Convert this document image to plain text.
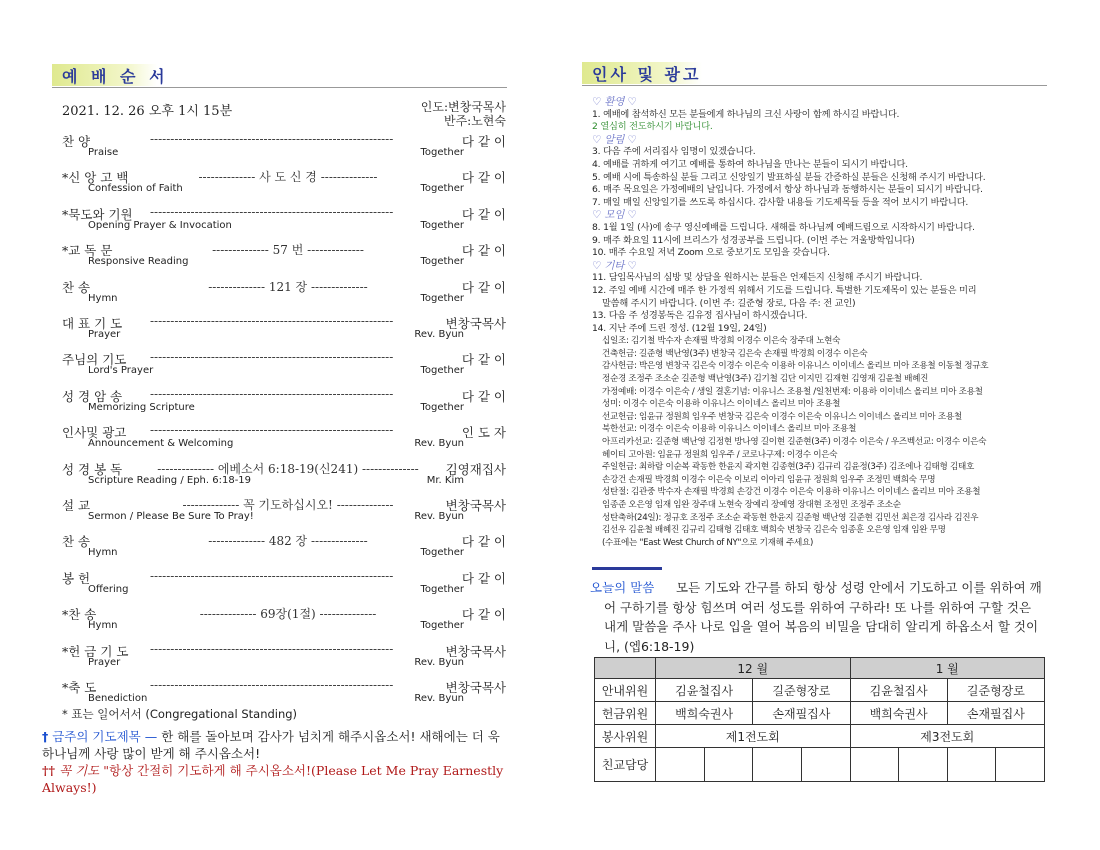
예 배 순 서
2021. 12. 26 오후 1시 15분	인도:변창국목사
반주:노현숙
찬 양	다 같 이
------------------------------------------------------------
Praise	Together
*신 앙 고 백	다 같 이
-------------- 사 도 신 경 --------------
Confession of Faith	Together
*묵도와 기원	다 같 이
------------------------------------------------------------
Opening Prayer & Invocation	Together
*교 독 문	다 같 이
-------------- 57 번 --------------
Responsive Reading	Together
찬 송	다 같 이
-------------- 121 장 --------------
Hymn	Together
대 표 기 도	변창국목사
------------------------------------------------------------
Prayer	Rev. Byun
주님의 기도	다 같 이
------------------------------------------------------------
Lord's Prayer	Together
성 경 암 송	다 같 이
------------------------------------------------------------
Memorizing Scripture	Together
인사및 광고	인 도 자
------------------------------------------------------------
Announcement & Welcoming	Rev. Byun
성 경 봉 독	김영재집사
-------------- 에베소서 6:18-19(신241) --------------
Scripture Reading / Eph. 6:18-19	Mr. Kim
설 교	변창국목사
-------------- 꼭 기도하십시오! --------------
Sermon / Please Be Sure To Pray!	Rev. Byun
찬 송	다 같 이
-------------- 482 장 --------------
Hymn	Together
봉 헌	다 같 이
------------------------------------------------------------
Offering	Together
*찬 송	다 같 이
-------------- 69장(1절) --------------
Hymn	Together
*헌 금 기 도	변창국목사
------------------------------------------------------------
Prayer	Rev. Byun
*축 도	변창국목사
------------------------------------------------------------
Benediction	Rev. Byun
* 표는 일어서서 (Congregational Standing)
† 금주의 기도제목 — 한 해를 돌아보며 감사가 넘치게 해주시옵소서! 새해에는 더 욱 하나님께 사랑 많이 받게 해 주시옵소서!
†† 꼭 기도 "항상 간절히 기도하게 해 주시옵소서!(Please Let Me Pray Earnestly Always!)
인사 및 광고
♡ 환영 ♡
1. 예배에 참석하신 모든 분들에게 하나님의 크신 사랑이 함께 하시길 바랍니다.
2 열심히 전도하시기 바랍니다.
♡ 알림 ♡
3. 다음 주에 서리집사 임명이 있겠습니다.
4. 예배를 귀하게 여기고 예배를 통하여 하나님을 만나는 분들이 되시기 바랍니다.
5. 예배 시에 특송하실 분들 그리고 신앙일기 발표하실 분들 간증하실 분들은 신청해 주시기 바랍니다.
6. 매주 목요일은 가정예배의 날입니다. 가정에서 항상 하나님과 동행하시는 분들이 되시기 바랍니다.
7. 매일 매일 신앙일기를 쓰도록 하십시다. 감사할 내용들 기도제목들 등을 적어 보시기 바랍니다.
♡ 모임 ♡
8. 1월 1일 (사)에 송구 영신예배를 드립니다. 새해를 하나님께 예배드림으로 시작하시기 바랍니다.
9. 매주 화요일 11시에 브리스가 성경공부를 드립니다. (이번 주는 겨울방학입니다)
10. 매주 수요일 저녁 Zoom 으로 중보기도 모임을 갖습니다.
♡ 기타 ♡
11. 담임목사님의 심방 및 상담을 원하시는 분들은 언제든지 신청해 주시기 바랍니다.
12. 주일 예배 시간에 매주 한 가정씩 위해서 기도를 드립니다. 특별한 기도제목이 있는 분들은 미리
말씀해 주시기 바랍니다. (이번 주: 길준형 장로, 다음 주: 전 교인)
13. 다음 주 성경봉독은 김유정 집사님이 하시겠습니다.
14. 지난 주에 드린 정성. (12월 19일, 24일)
십일조: 김기철 박수자 손재필 박경희 이경수 이은숙 장주대 노현숙
건축헌금: 길준형 백난영(3주) 변창국 김은숙 손재필 박경희 이경수 이은숙
감사헌금: 박은영 변창국 김은숙 이경수 이은숙 이용하 이유니스 이이네스 올리브 미아 조용철 이동철 정규호
정순경 조정주 조소순 길준형 백난영(3주) 김기철 김단 이지민 김재현 김영재 김윤철 배혜진
가정예배: 이경수 이은숙 / 생일 결혼기념: 이유니스 조용철 /일천번제: 이용하 이이네스 올리브 미아 조용철
성미: 이경수 이은숙 이용하 이유니스 이이네스 올리브 미아 조용철
선교헌금: 임윤규 정원희 임우주 변창국 김은숙 이경수 이은숙 이유니스 이이네스 올리브 미아 조용철
북한선교: 이경수 이은숙 이용하 이유니스 이이네스 올리브 미아 조용철
아프리카선교: 길준형 백난영 김정현 방나영 길이현 길준현(3주) 이경수 이은숙 / 우즈벡선교: 이경수 이은숙
헤이티 고아원: 임윤규 정원희 임우주 / 코로나구제: 이경수 이은숙
주일헌금: 최하람 이순복 곽동한 한윤지 곽지현 김종현(3주) 김규리 김윤정(3주) 김조에나 김태형 김태호
손강건 손재필 박경희 이경수 이은숙 이보리 이아리 임윤규 정원희 임우주 조정민 백희숙 무명
성탄절: 김관중 박수자 손재필 박경희 손강건 이경수 이은숙 이용하 이유니스 이이네스 올리브 미아 조용철
임종준 오은영 임재 임완 장주대 노현숙 장예리 장예영 장대현 조정민 조정주 조소순
성탄축하(24일): 정규호 조정주 조소순 곽동현 한윤지 길준형 백난영 길준현 김민선 최은경 김사라 김진우
김선우 김윤철 배혜진 김규리 김태형 김태호 백희숙 변창국 김은숙 임종훈 오은영 임재 임완 무명
(수표에는 "East West Church of NY"으로 기재해 주세요)
모든 기도와 간구를 하되 항상 성령 안에서 기도하고 이를 위하여 깨어 구하기를 항상 힘쓰며 여러 성도를 위하여 구하라! 또 나를 위하여 구할 것은 내게 말씀을 주사 나로 입을 열어 복음의 비밀을 담대히 알리게 하옵소서 할 것이니, (엡6:18-19)
오늘의 말씀
	12 월				1 월			
안내위원	김윤철집사		길준형장로		김윤철집사		길준형장로	
헌금위원	백희숙권사		손재필집사		백희숙권사		손재필집사	
봉사위원	제1전도회				제3전도회			
친교담당								
